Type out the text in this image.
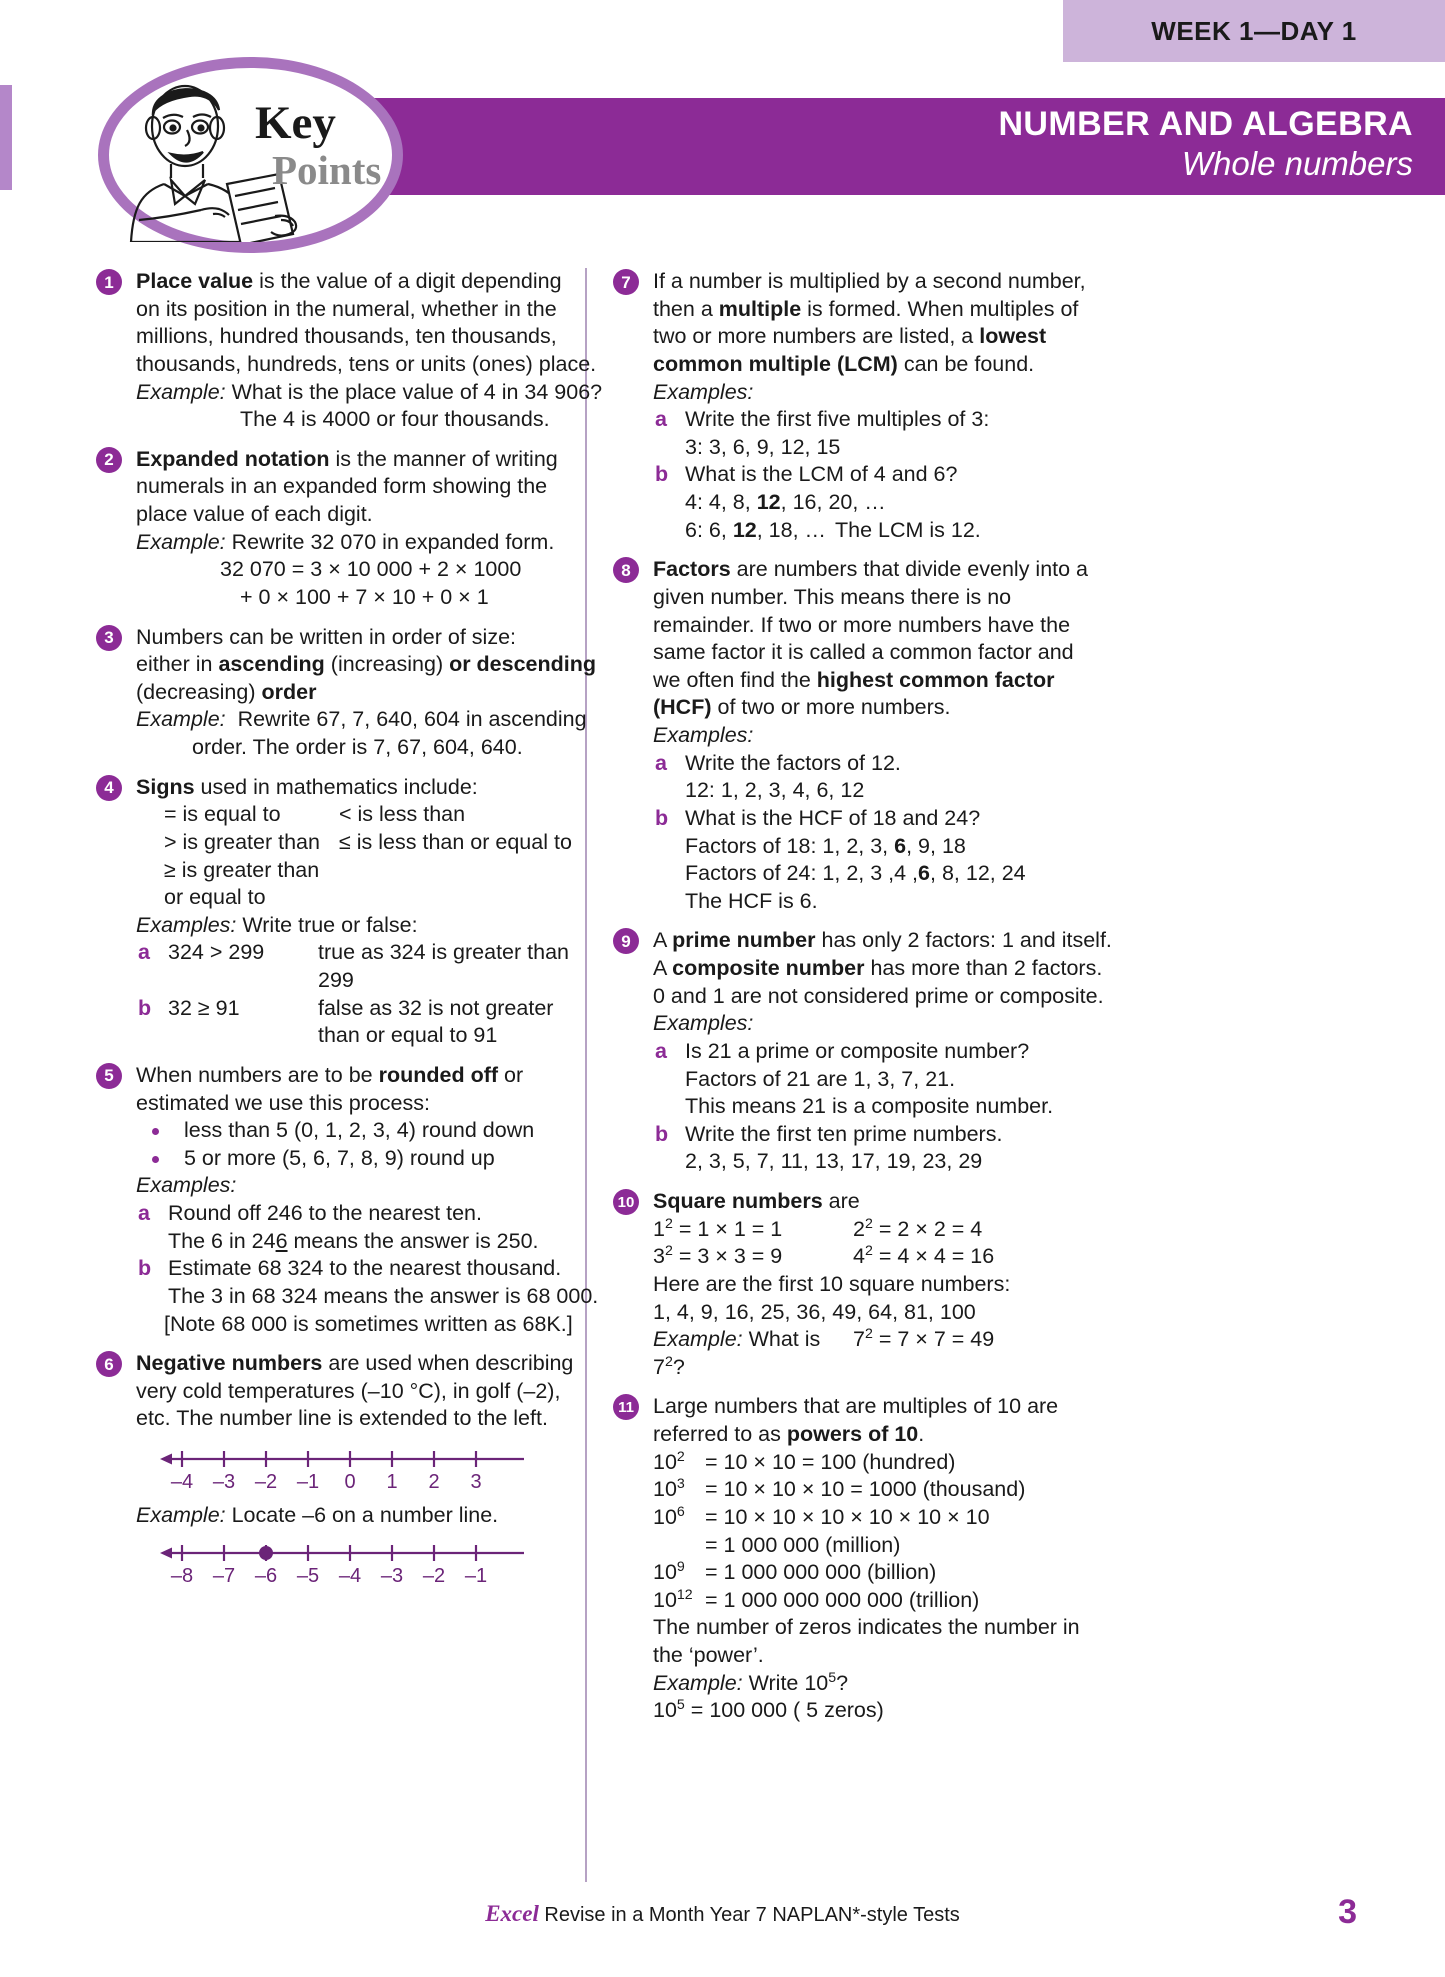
WEEK 1—DAY 1
NUMBER AND ALGEBRA
Whole numbers
Key
Points
1	Place value is the value of a digit depending
on its position in the numeral, whether in the
millions, hundred thousands, ten thousands,
thousands, hundreds, tens or units (ones) place.
Example: What is the place value of 4 in 34 906?
The 4 is 4000 or four thousands.
2	Expanded notation is the manner of writing
numerals in an expanded form showing the
place value of each digit.
Example: Rewrite 32 070 in expanded form.
32 070 = 3 × 10 000 + 2 × 1000
+ 0 × 100 + 7 × 10 + 0 × 1
3	Numbers can be written in order of size:
either in ascending (increasing) or descending
(decreasing) order
Example:  Rewrite 67, 7, 640, 604 in ascending
order. The order is 7, 67, 604, 640.
4	Signs used in mathematics include:
= is equal to	< is less than
> is greater than ≤ is less than or equal to
≥ is greater than or equal to
Examples: Write true or false:
a 324 > 299	true as 324 is greater than 299
b 32 ≥ 91	false as 32 is not greater
than or equal to 91
5	When numbers are to be rounded off or
estimated we use this process:
less than 5 (0, 1, 2, 3, 4) round down
5 or more (5, 6, 7, 8, 9) round up
Examples:
a Round off 246 to the nearest ten.
The 6 in 246 means the answer is 250.
b Estimate 68 324 to the nearest thousand.
The 3 in 68 324 means the answer is 68 000.
[Note 68 000 is sometimes written as 68K.]
6	Negative numbers are used when describing
very cold temperatures (–10 °C), in golf (–2),
etc. The number line is extended to the left.
–4 –3 –2 –1	0	1	2	3
Example: Locate –6 on a number line.
–8 –7 –6 –5 –4 –3 –2 –1
7	If a number is multiplied by a second number,
then a multiple is formed. When multiples of
two or more numbers are listed, a lowest
common multiple (LCM) can be found.
Examples:
a Write the first five multiples of 3:
3: 3, 6, 9, 12, 15
b What is the LCM of 4 and 6?
4: 4, 8, 12, 16, 20, …
6: 6, 12, 18, … The LCM is 12.
8	Factors are numbers that divide evenly into a
given number. This means there is no
remainder. If two or more numbers have the
same factor it is called a common factor and
we often find the highest common factor
(HCF) of two or more numbers.
Examples:
a Write the factors of 12.
12: 1, 2, 3, 4, 6, 12
b What is the HCF of 18 and 24?
Factors of 18: 1, 2, 3, 6, 9, 18
Factors of 24: 1, 2, 3 ,4 ,6, 8, 12, 24
The HCF is 6.
9	A prime number has only 2 factors: 1 and itself.
A composite number has more than 2 factors.
0 and 1 are not considered prime or composite.
Examples:
a Is 21 a prime or composite number?
Factors of 21 are 1, 3, 7, 21.
This means 21 is a composite number.
b Write the first ten prime numbers.
2, 3, 5, 7, 11, 13, 17, 19, 23, 29
10 Square numbers are
$1^2 = 1 \times 1 = 1$	$2^2 = 2 \times 2 = 4$
$3^2 = 3 \times 3 = 9$	$4^2 = 4 \times 4 = 16$
Here are the first 10 square numbers:
1, 4, 9, 16, 25, 36, 49, 64, 81, 100
Example: What is $7^2$?
$7^2 = 7 \times 7 = 49$
11 Large numbers that are multiples of 10 are
referred to as powers of 10.
$10^2 = 10 \times 10 = 100$ (hundred)
$10^3 = 10 \times 10 \times 10 = 1000$ (thousand)
$10^6 = 10 \times 10 \times 10 \times 10 \times 10 \times 10$
= 1 000 000 (million)
$10^9 = 1$ 000 000 000 (billion)
$10^{12} = 1$ 000 000 000 000 (trillion)
The number of zeros indicates the number in
the ‘power’.
Example: Write $10^5$?
$10^5 = 100$ 000 ( 5 zeros)
Excel Revise in a Month Year 7 NAPLAN*-style Tests	3
